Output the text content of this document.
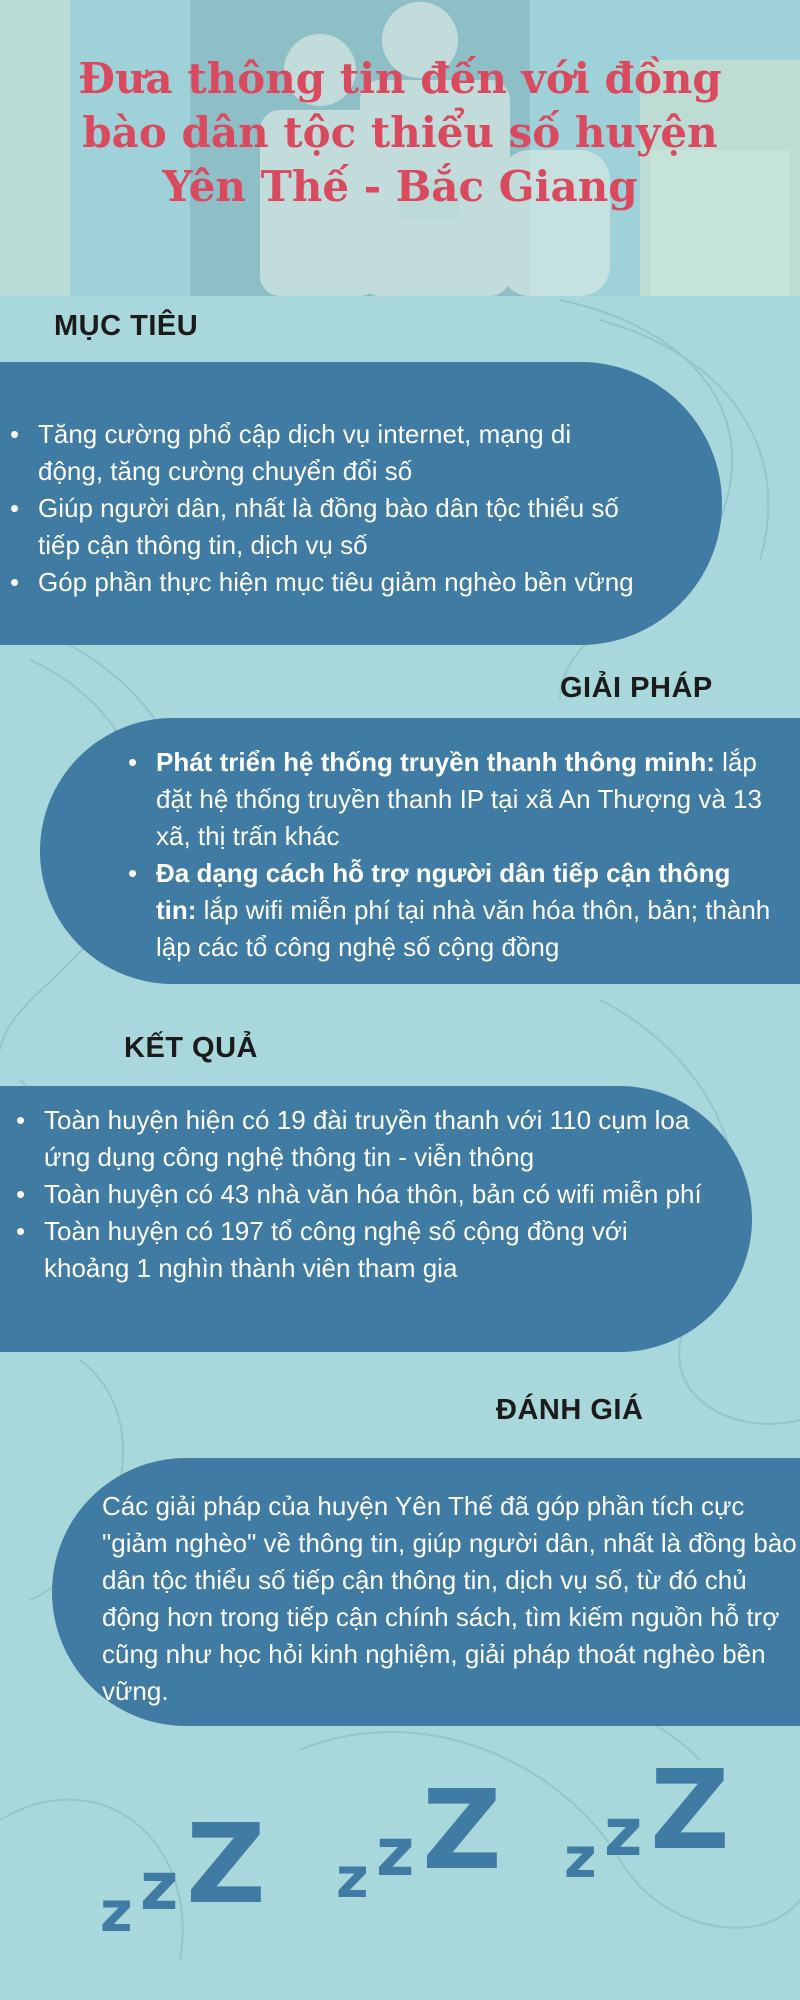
Đưa thông tin đến với đồng
bào dân tộc thiểu số huyện
Yên Thế - Bắc Giang
MỤC TIÊU
• Tăng cường phổ cập dịch vụ internet, mạng di động, tăng cường chuyển đổi số
• Giúp người dân, nhất là đồng bào dân tộc thiểu số tiếp cận thông tin, dịch vụ số
• Góp phần thực hiện mục tiêu giảm nghèo bền vững
GIẢI PHÁP
• Phát triển hệ thống truyền thanh thông minh: lắp đặt hệ thống truyền thanh IP tại xã An Thượng và 13 xã, thị trấn khác
• Đa dạng cách hỗ trợ người dân tiếp cận thông tin: lắp wifi miễn phí tại nhà văn hóa thôn, bản; thành lập các tổ công nghệ số cộng đồng
KẾT QUẢ
• Toàn huyện hiện có 19 đài truyền thanh với 110 cụm loa ứng dụng công nghệ thông tin - viễn thông
• Toàn huyện có 43 nhà văn hóa thôn, bản có wifi miễn phí
• Toàn huyện có 197 tổ công nghệ số cộng đồng với khoảng 1 nghìn thành viên tham gia
ĐÁNH GIÁ

Các giải pháp của huyện Yên Thế đã góp phần tích cực "giảm nghèo" về thông tin, giúp người dân, nhất là đồng bào dân tộc thiểu số tiếp cận thông tin, dịch vụ số, từ đó chủ động hơn trong tiếp cận chính sách, tìm kiếm nguồn hỗ trợ cũng như học hỏi kinh nghiệm, giải pháp thoát nghèo bền vững.

z z Z z z Z z z Z
